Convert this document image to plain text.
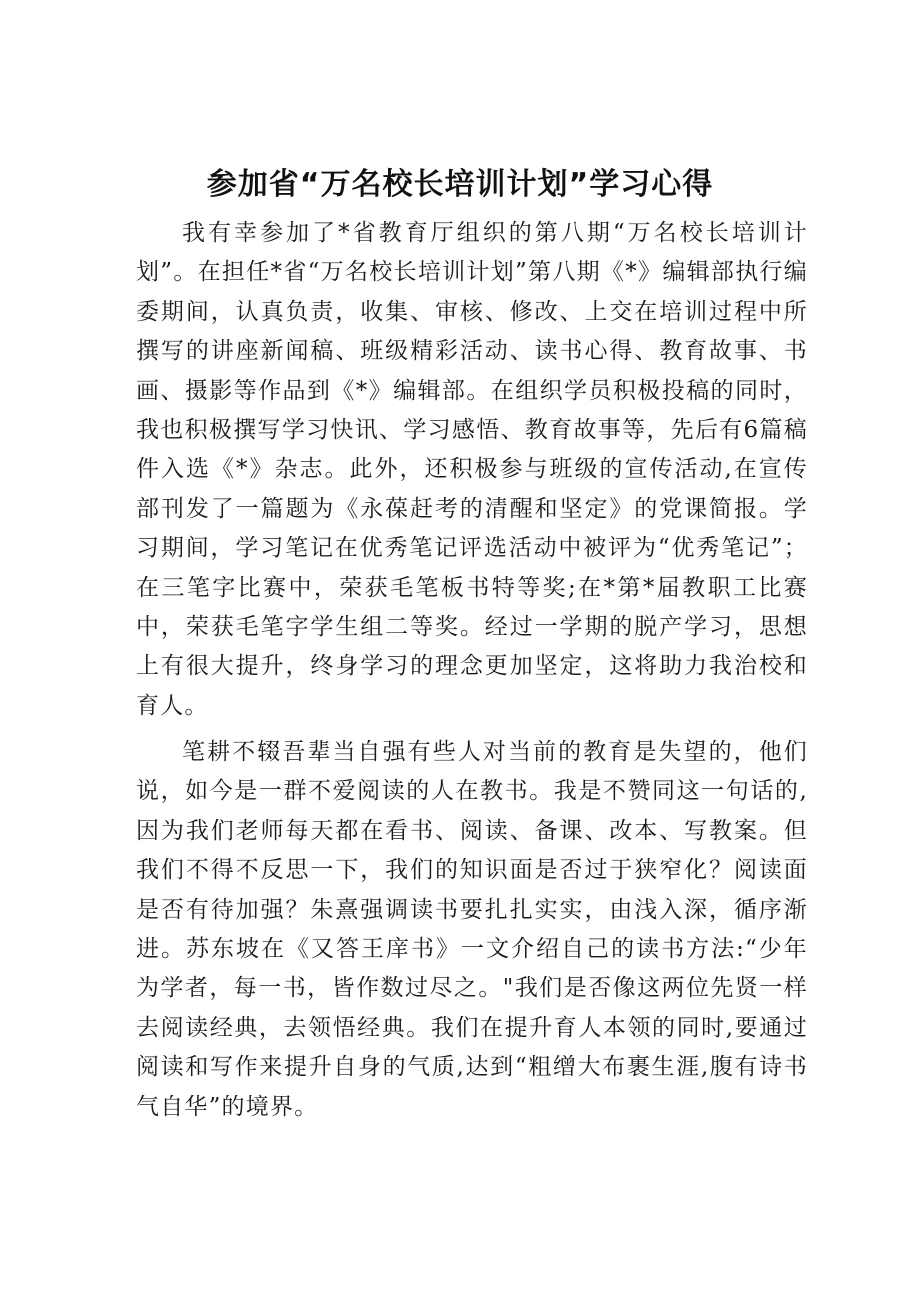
参加省“万名校长培训计划”学习心得

我有幸参加了*省教育厅组织的第八期“万名校长培训计划”。在担任*省“万名校长培训计划”第八期《*》编辑部执行编委期间，认真负责，收集、审核、修改、上交在培训过程中所撰写的讲座新闻稿、班级精彩活动、读书心得、教育故事、书画、摄影等作品到《*》编辑部。在组织学员积极投稿的同时，我也积极撰写学习快讯、学习感悟、教育故事等，先后有6篇稿件入选《*》杂志。此外，还积极参与班级的宣传活动,在宣传部刊发了一篇题为《永葆赶考的清醒和坚定》的党课简报。学习期间，学习笔记在优秀笔记评选活动中被评为“优秀笔记”；在三笔字比赛中，荣获毛笔板书特等奖;在*第*届教职工比赛中，荣获毛笔字学生组二等奖。经过一学期的脱产学习，思想上有很大提升，终身学习的理念更加坚定，这将助力我治校和育人。

笔耕不辍吾辈当自强有些人对当前的教育是失望的，他们说，如今是一群不爱阅读的人在教书。我是不赞同这一句话的,因为我们老师每天都在看书、阅读、备课、改本、写教案。但我们不得不反思一下，我们的知识面是否过于狭窄化？阅读面是否有待加强？朱熹强调读书要扎扎实实，由浅入深，循序渐进。苏东坡在《又答王庠书》一文介绍自己的读书方法:“少年为学者，每一书，皆作数过尽之。"我们是否像这两位先贤一样去阅读经典，去领悟经典。我们在提升育人本领的同时,要通过阅读和写作来提升自身的气质,达到“粗缯大布裹生涯,腹有诗书气自华”的境界。
